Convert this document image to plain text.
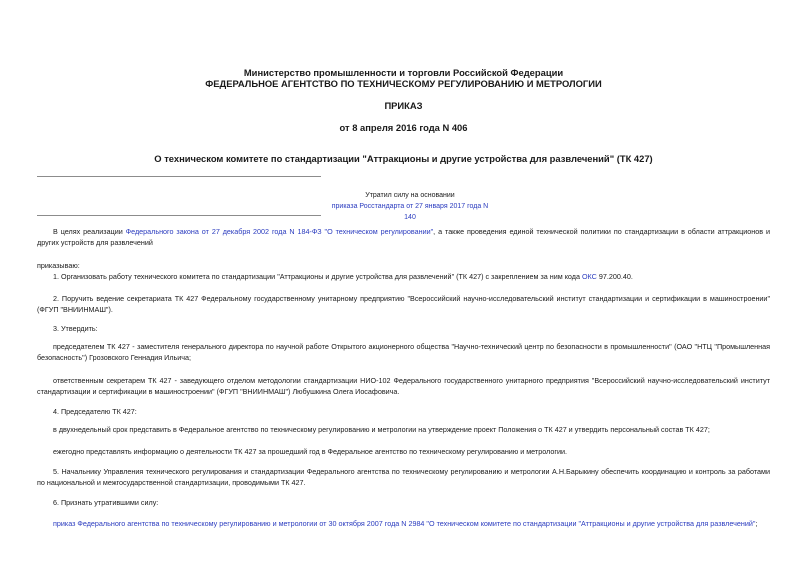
Министерство промышленности и торговли Российской Федерации
ФЕДЕРАЛЬНОЕ АГЕНТСТВО ПО ТЕХНИЧЕСКОМУ РЕГУЛИРОВАНИЮ И МЕТРОЛОГИИ
ПРИКАЗ
от 8 апреля 2016 года N 406
О техническом комитете по стандартизации "Аттракционы и другие устройства для развлечений" (ТК 427)
Утратил силу на основании
приказа Росстандарта от 27 января 2017 года N 140
В целях реализации Федерального закона от 27 декабря 2002 года N 184-ФЗ "О техническом регулировании", а также проведения единой технической политики по стандартизации в области аттракционов и других устройств для развлечений
приказываю:
1. Организовать работу технического комитета по стандартизации "Аттракционы и другие устройства для развлечений" (ТК 427) с закреплением за ним кода ОКС 97.200.40.
2. Поручить ведение секретариата ТК 427 Федеральному государственному унитарному предприятию "Всероссийский научно-исследовательский институт стандартизации и сертификации в машиностроении" (ФГУП "ВНИИНМАШ").
3. Утвердить:
председателем ТК 427 - заместителя генерального директора по научной работе Открытого акционерного общества "Научно-технический центр по безопасности в промышленности" (ОАО "НТЦ "Промышленная безопасность") Грозовского Геннадия Ильича;
ответственным секретарем ТК 427 - заведующего отделом методологии стандартизации НИО-102 Федерального государственного унитарного предприятия "Всероссийский научно-исследовательский институт стандартизации и сертификации в машиностроении" (ФГУП "ВНИИНМАШ") Любушкина Олега Иосафовича.
4. Председателю ТК 427:
в двухнедельный срок представить в Федеральное агентство по техническому регулированию и метрологии на утверждение проект Положения о ТК 427 и утвердить персональный состав ТК 427;
ежегодно представлять информацию о деятельности ТК 427 за прошедший год в Федеральное агентство по техническому регулированию и метрологии.
5. Начальнику Управления технического регулирования и стандартизации Федерального агентства по техническому регулированию и метрологии А.Н.Барыкину обеспечить координацию и контроль за работами по национальной и межгосударственной стандартизации, проводимыми ТК 427.
6. Признать утратившими силу:
приказ Федерального агентства по техническому регулированию и метрологии от 30 октября 2007 года N 2984 "О техническом комитете по стандартизации "Аттракционы и другие устройства для развлечений";
